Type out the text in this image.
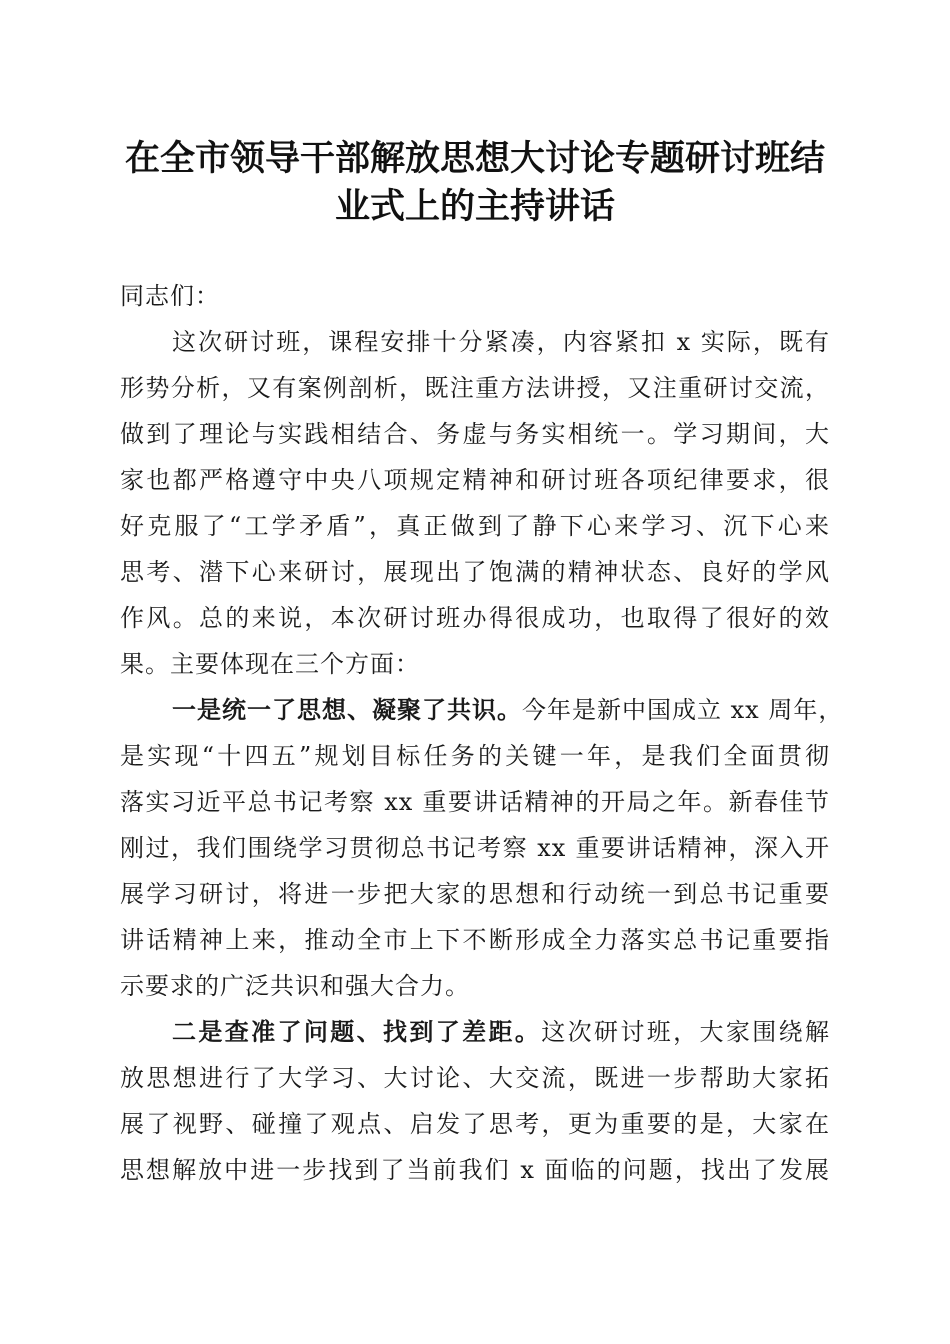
在全市领导干部解放思想大讨论专题研讨班结
业式上的主持讲话
同志们：
这次研讨班，课程安排十分紧凑，内容紧扣 x 实际，既有
形势分析，又有案例剖析，既注重方法讲授，又注重研讨交流，
做到了理论与实践相结合、务虚与务实相统一。学习期间，大
家也都严格遵守中央八项规定精神和研讨班各项纪律要求，很
好克服了“工学矛盾”，真正做到了静下心来学习、沉下心来
思考、潜下心来研讨，展现出了饱满的精神状态、良好的学风
作风。总的来说，本次研讨班办得很成功，也取得了很好的效
果。主要体现在三个方面：
一是统一了思想、凝聚了共识。今年是新中国成立 xx 周年，
是实现“十四五”规划目标任务的关键一年，是我们全面贯彻
落实习近平总书记考察 xx 重要讲话精神的开局之年。新春佳节
刚过，我们围绕学习贯彻总书记考察 xx 重要讲话精神，深入开
展学习研讨，将进一步把大家的思想和行动统一到总书记重要
讲话精神上来，推动全市上下不断形成全力落实总书记重要指
示要求的广泛共识和强大合力。
二是查准了问题、找到了差距。这次研讨班，大家围绕解
放思想进行了大学习、大讨论、大交流，既进一步帮助大家拓
展了视野、碰撞了观点、启发了思考，更为重要的是，大家在
思想解放中进一步找到了当前我们 x 面临的问题，找出了发展
